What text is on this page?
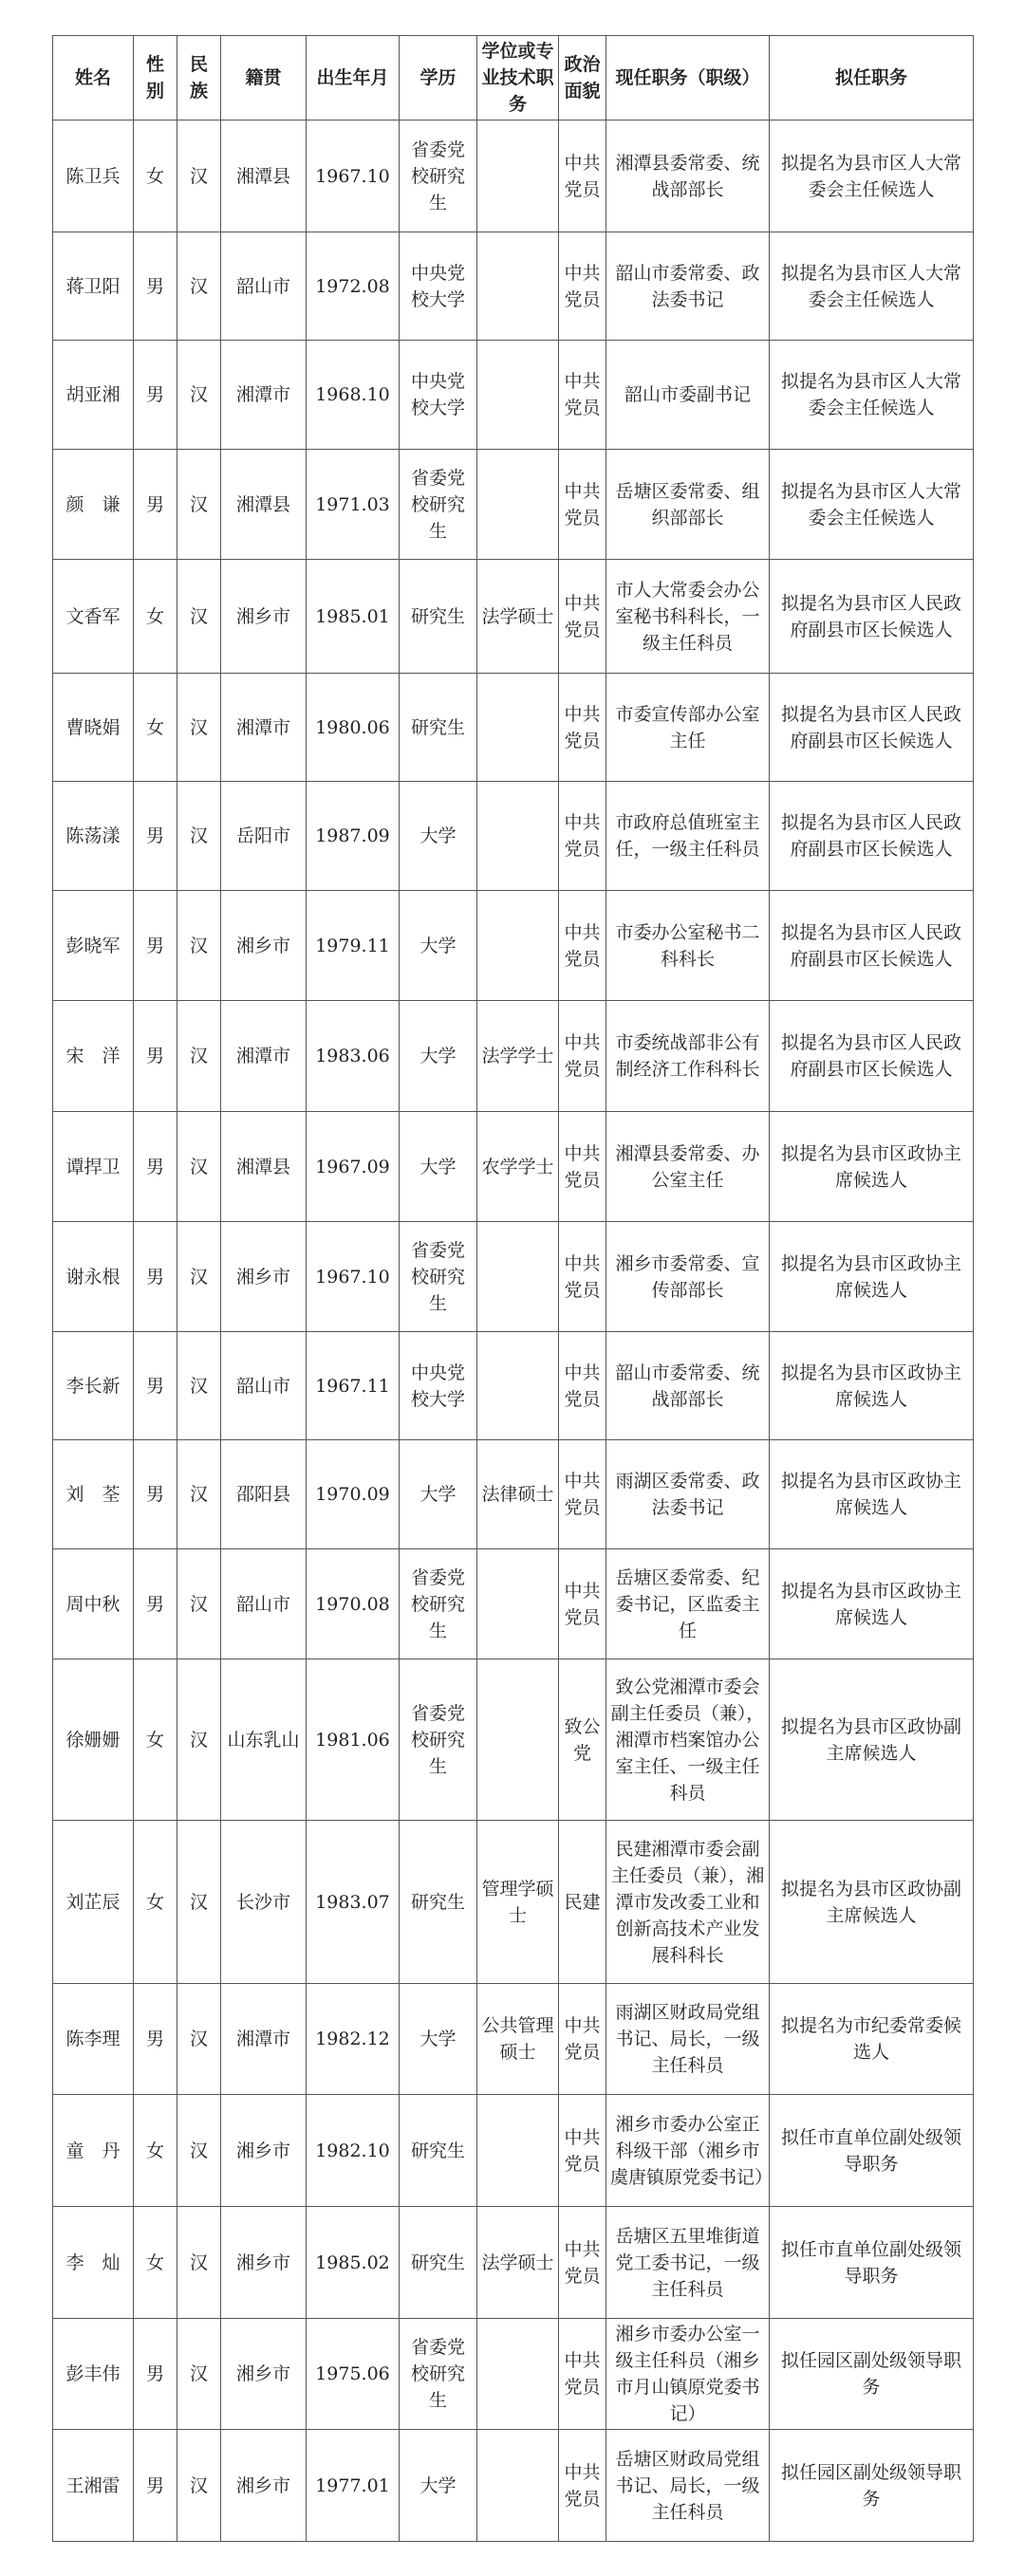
姓名	性别	民族	籍贯	出生年月	学历	学位或专业技术职务	政治面貌	现任职务（职级）	拟任职务
陈卫兵	女	汉	湘潭县	1967.10	省委党校研究生		中共党员	湘潭县委常委、统战部部长	拟提名为县市区人大常委会主任候选人
蒋卫阳	男	汉	韶山市	1972.08	中央党校大学		中共党员	韶山市委常委、政法委书记	拟提名为县市区人大常委会主任候选人
胡亚湘	男	汉	湘潭市	1968.10	中央党校大学		中共党员	韶山市委副书记	拟提名为县市区人大常委会主任候选人
颜　谦	男	汉	湘潭县	1971.03	省委党校研究生		中共党员	岳塘区委常委、组织部部长	拟提名为县市区人大常委会主任候选人
文香军	女	汉	湘乡市	1985.01	研究生	法学硕士	中共党员	市人大常委会办公室秘书科科长，一级主任科员	拟提名为县市区人民政府副县市区长候选人
曹晓娟	女	汉	湘潭市	1980.06	研究生		中共党员	市委宣传部办公室主任	拟提名为县市区人民政府副县市区长候选人
陈荡漾	男	汉	岳阳市	1987.09	大学		中共党员	市政府总值班室主任，一级主任科员	拟提名为县市区人民政府副县市区长候选人
彭晓军	男	汉	湘乡市	1979.11	大学		中共党员	市委办公室秘书二科科长	拟提名为县市区人民政府副县市区长候选人
宋　洋	男	汉	湘潭市	1983.06	大学	法学学士	中共党员	市委统战部非公有制经济工作科科长	拟提名为县市区人民政府副县市区长候选人
谭捍卫	男	汉	湘潭县	1967.09	大学	农学学士	中共党员	湘潭县委常委、办公室主任	拟提名为县市区政协主席候选人
谢永根	男	汉	湘乡市	1967.10	省委党校研究生		中共党员	湘乡市委常委、宣传部部长	拟提名为县市区政协主席候选人
李长新	男	汉	韶山市	1967.11	中央党校大学		中共党员	韶山市委常委、统战部部长	拟提名为县市区政协主席候选人
刘　荃	男	汉	邵阳县	1970.09	大学	法律硕士	中共党员	雨湖区委常委、政法委书记	拟提名为县市区政协主席候选人
周中秋	男	汉	韶山市	1970.08	省委党校研究生		中共党员	岳塘区委常委、纪委书记，区监委主任	拟提名为县市区政协主席候选人
徐姗姗	女	汉	山东乳山	1981.06	省委党校研究生		致公党	致公党湘潭市委会副主任委员（兼），湘潭市档案馆办公室主任、一级主任科员	拟提名为县市区政协副主席候选人
刘芷辰	女	汉	长沙市	1983.07	研究生	管理学硕士	民建	民建湘潭市委会副主任委员（兼），湘潭市发改委工业和创新高技术产业发展科科长	拟提名为县市区政协副主席候选人
陈李理	男	汉	湘潭市	1982.12	大学	公共管理硕士	中共党员	雨湖区财政局党组书记、局长，一级主任科员	拟提名为市纪委常委候选人
童　丹	女	汉	湘乡市	1982.10	研究生		中共党员	湘乡市委办公室正科级干部（湘乡市虞唐镇原党委书记）	拟任市直单位副处级领导职务
李　灿	女	汉	湘乡市	1985.02	研究生	法学硕士	中共党员	岳塘区五里堆街道党工委书记，一级主任科员	拟任市直单位副处级领导职务
彭丰伟	男	汉	湘乡市	1975.06	省委党校研究生		中共党员	湘乡市委办公室一级主任科员（湘乡市月山镇原党委书记）	拟任园区副处级领导职务
王湘雷	男	汉	湘乡市	1977.01	大学		中共党员	岳塘区财政局党组书记、局长，一级主任科员	拟任园区副处级领导职务
